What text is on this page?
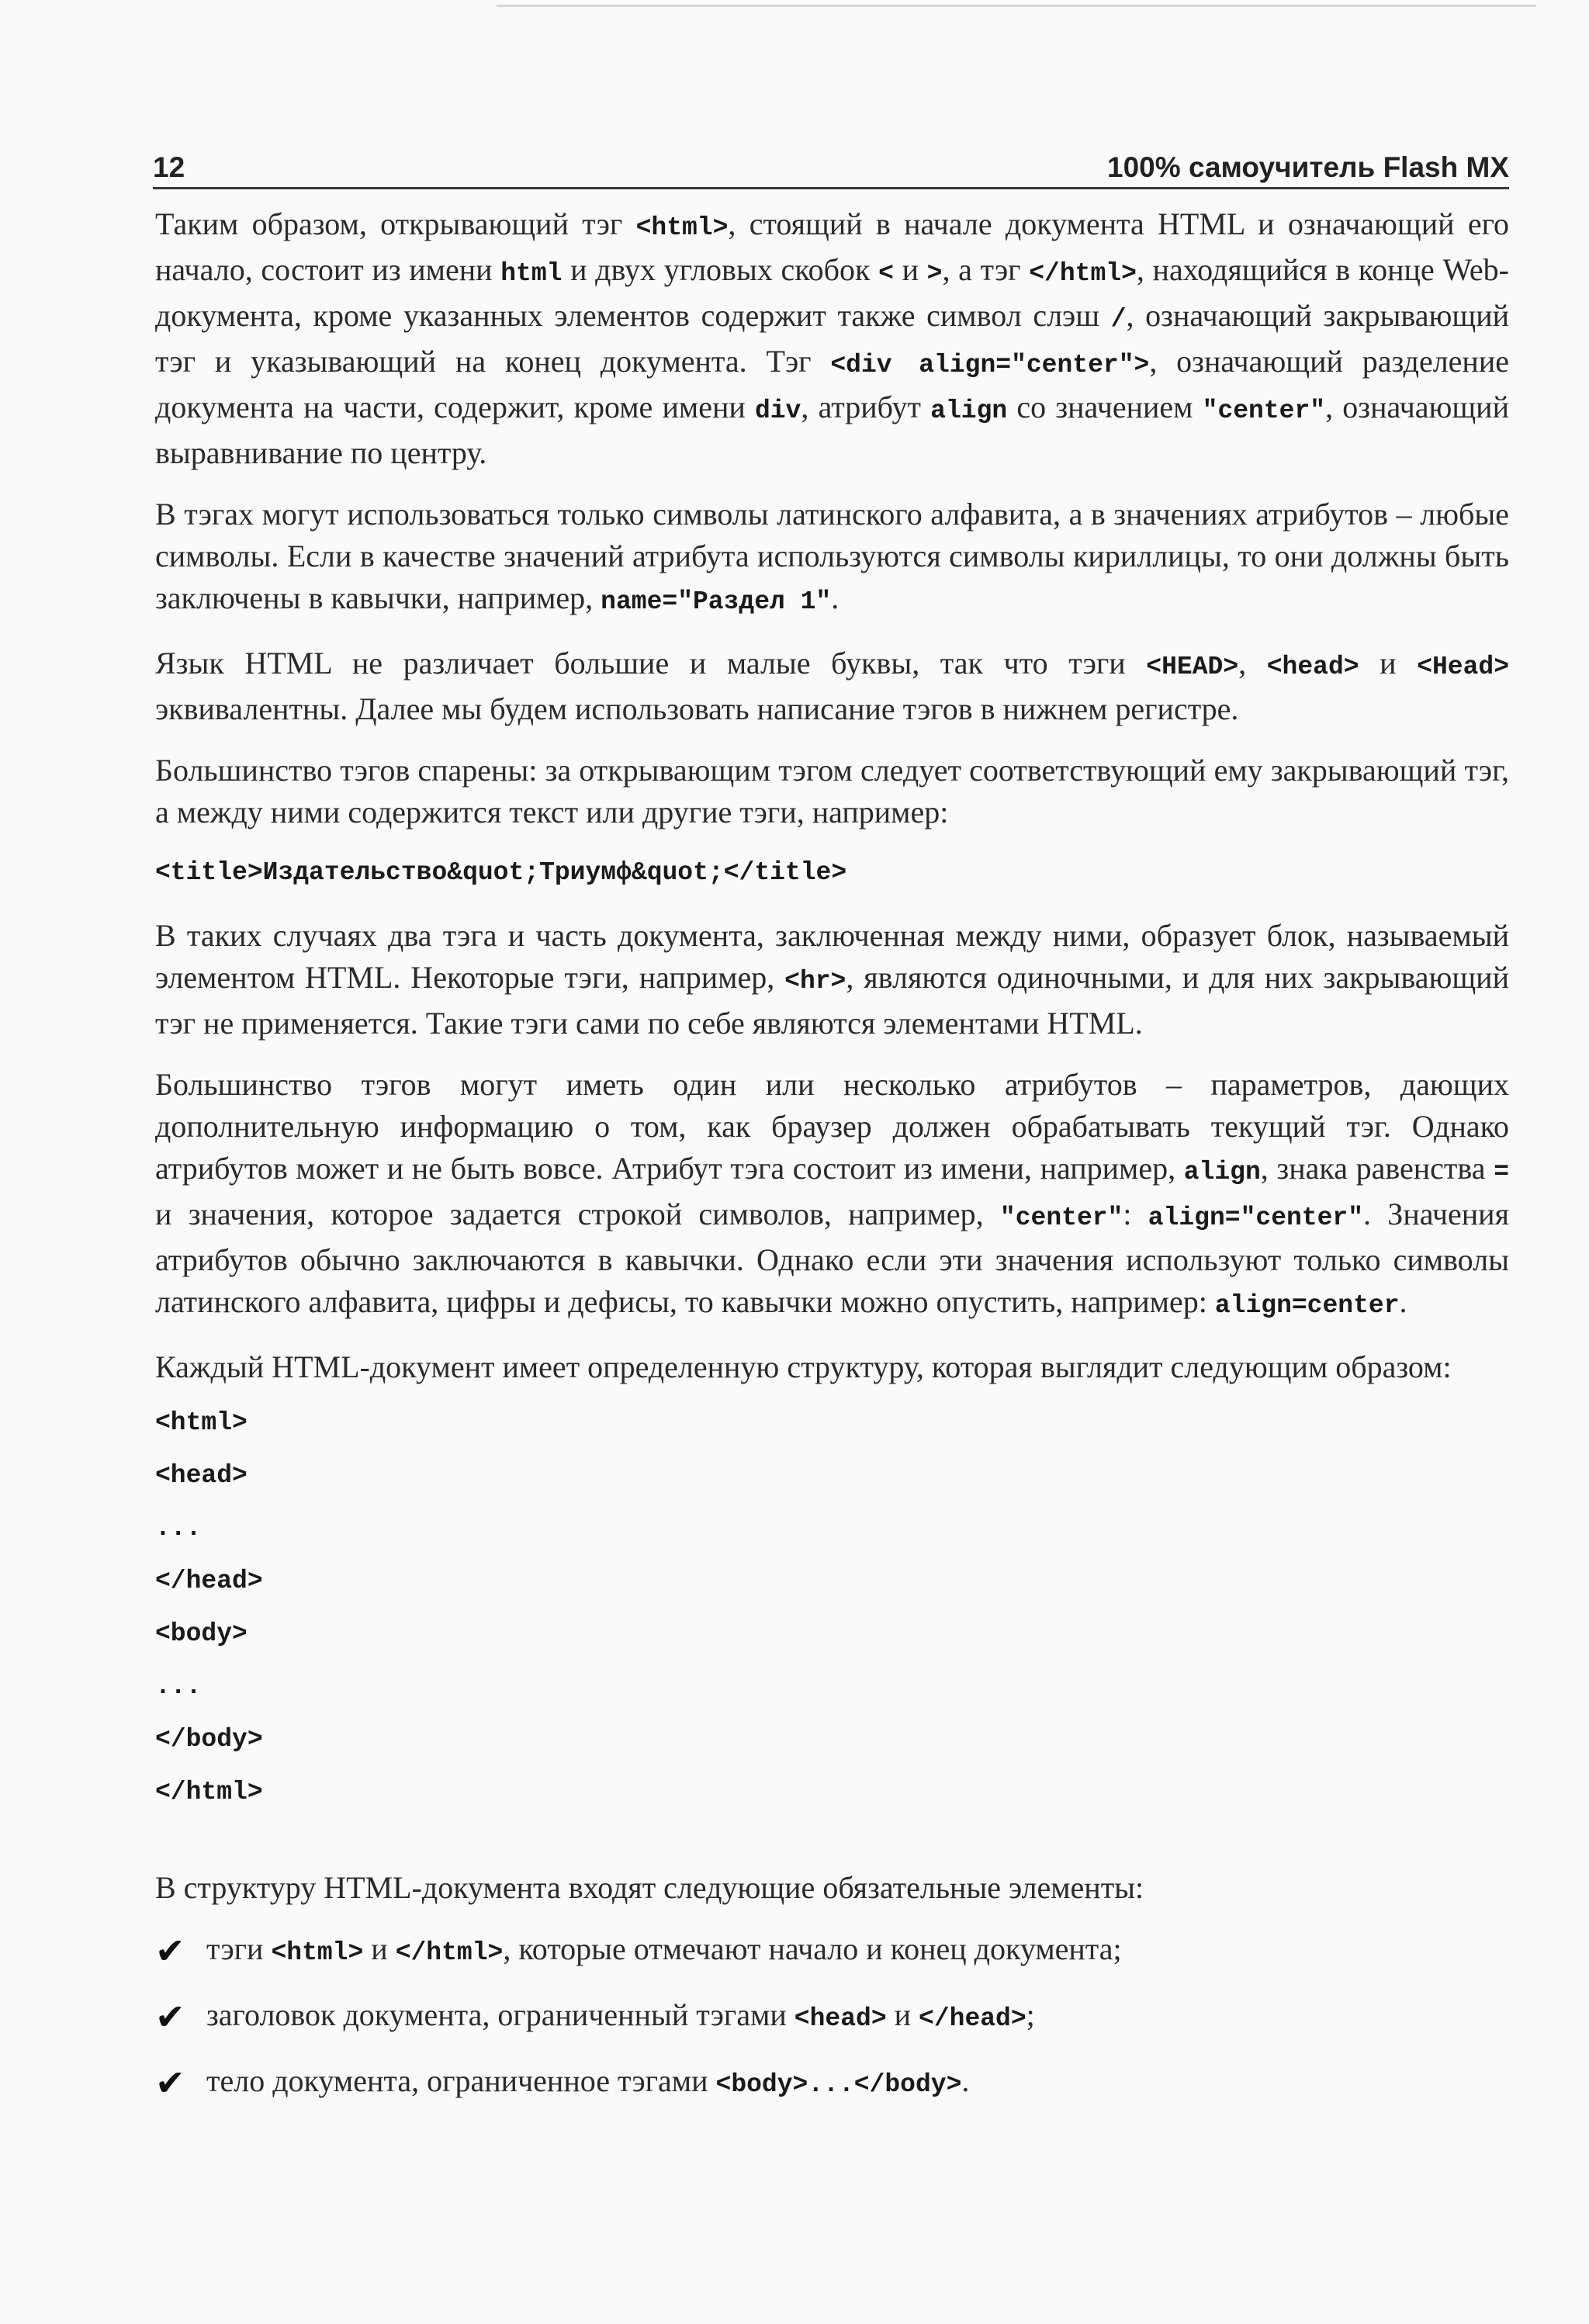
12	100% самоучитель Flash MX

Таким образом, открывающий тэг <html>, стоящий в начале документа HTML и означающий его начало, состоит из имени html и двух угловых скобок < и >, а тэг </html>, находящийся в конце Web-документа, кроме указанных элементов содержит также символ слэш /, означающий закрывающий тэг и указывающий на конец документа. Тэг <div align="center">, означающий разделение документа на части, содержит, кроме имени div, атрибут align со значением "center", означающий выравнивание по центру.

В тэгах могут использоваться только символы латинского алфавита, а в значениях атрибутов – любые символы. Если в качестве значений атрибута используются символы кириллицы, то они должны быть заключены в кавычки, например, name="Раздел 1".

Язык HTML не различает большие и малые буквы, так что тэги <HEAD>, <head> и <Head> эквивалентны. Далее мы будем использовать написание тэгов в нижнем регистре.

Большинство тэгов спарены: за открывающим тэгом следует соответствующий ему закрывающий тэг, а между ними содержится текст или другие тэги, например:

<title>Издательство&quot;Триумф&quot;</title>

В таких случаях два тэга и часть документа, заключенная между ними, образует блок, называемый элементом HTML. Некоторые тэги, например, <hr>, являются одиночными, и для них закрывающий тэг не применяется. Такие тэги сами по себе являются элементами HTML.

Большинство тэгов могут иметь один или несколько атрибутов – параметров, дающих дополнительную информацию о том, как браузер должен обрабатывать текущий тэг. Однако атрибутов может и не быть вовсе. Атрибут тэга состоит из имени, например, align, знака равенства = и значения, которое задается строкой символов, например, "center": align="center". Значения атрибутов обычно заключаются в кавычки. Однако если эти значения используют только символы латинского алфавита, цифры и дефисы, то кавычки можно опустить, например: align=center.

Каждый HTML-документ имеет определенную структуру, которая выглядит следующим образом:

<html>
<head>
...
</head>
<body>
...
</body>
</html>

В структуру HTML-документа входят следующие обязательные элементы:

✔ тэги <html> и </html>, которые отмечают начало и конец документа;
✔ заголовок документа, ограниченный тэгами <head> и </head>;
✔ тело документа, ограниченное тэгами <body>...</body>.
